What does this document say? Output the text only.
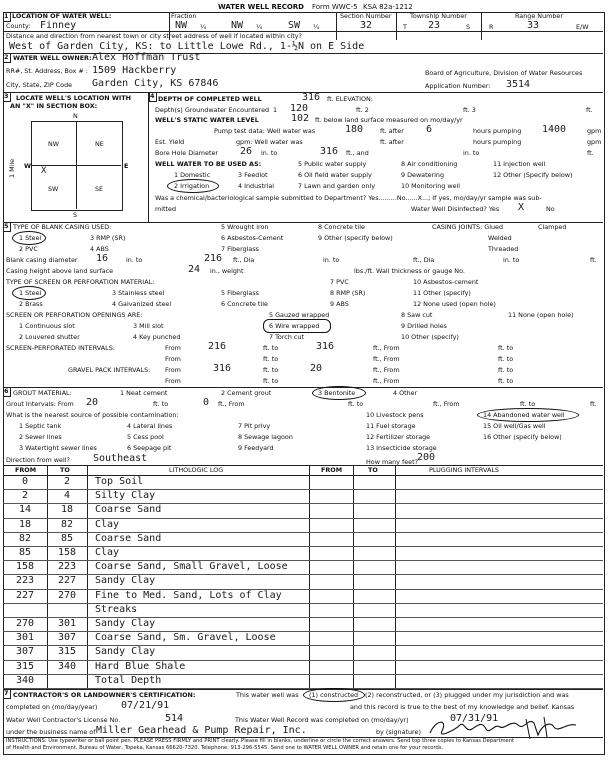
WATER WELL RECORD Form WWC-5 KSA 82a-1212
1 LOCATION OF WATER WELL:
County: Finney
Fraction
NW ¼ NW ¼	SW ¼
Section Number
32
Township Number
T 23	S
Range Number
R	33	E/W
Distance and direction from nearest town or city street address of well if located within city?
West of Garden City, KS: to Little Lowe Rd., 1-½N on E Side
2 WATER WELL OWNER: Alex Hoffman Trust
RR#, St. Address, Box # : 1509 Hackberry
City, State, ZIP Code Garden City, KS 67846
Board of Agriculture, Division of Water Resources
Application Number: 3514
3 LOCATE WELL'S LOCATION WITH
AN "X" IN SECTION BOX:
N
S
W	E
NW	NE
SW	SE
1 Mile	X
4 DEPTH OF COMPLETED WELL	316 ft. ELEVATION:
Depth(s) Groundwater Encountered 1 120	ft. 2	ft. 3	ft.
WELL'S STATIC WATER LEVEL	102 ft. below land surface measured on mo/day/yr
Pump test data: Well water was	180	ft. after 6	hours pumping 1400	gpm
Est. Yield	gpm: Well water was	ft. after	hours pumping	gpm
Bore Hole Diameter 26 in. to	316 ft., and	in. to	ft.
WELL WATER TO BE USED AS:
1 Domestic
2 Irrigation
3 Feedlot
4 Industrial
5 Public water supply
6 Oil field water supply
7 Lawn and garden only
8 Air conditioning
9 Dewatering
10 Monitoring well
11 Injection well
12 Other (Specify below)
Was a chemical/bacteriological sample submitted to Department? Yes.........No......X...; If yes, mo/day/yr sample was sub-
mitted	Water Well Disinfected? Yes X	No
5 TYPE OF BLANK CASING USED:
1 Steel
2 PVC
3 RMP (SR)
4 ABS
5 Wrought iron
6 Asbestos-Cement
7 Fiberglass
8 Concrete tile
9 Other (specify below)
CASING JOINTS: Glued	Clamped
Welded
Threaded
Blank casing diameter 16	in. to	216 ft., Dia	in. to	ft., Dia	in. to	ft.
Casing height above land surface	24 in., weight	lbs./ft. Wall thickness or gauge No.
TYPE OF SCREEN OR PERFORATION MATERIAL:
1 Steel
2 Brass
3 Stainless steel
4 Galvanized steel
5 Fiberglass
6 Concrete tile
7 PVC
8 RMP (SR)
9 ABS
10 Asbestos-cement
11 Other (specify)
12 None used (open hole)
SCREEN OR PERFORATION OPENINGS ARE:
1 Continuous slot
2 Louvered shutter
3 Mill slot
4 Key punched
5 Gauzed wrapped
6 Wire wrapped
7 Torch cut
8 Saw cut
9 Drilled holes
10 Other (specify)
11 None (open hole)
SCREEN-PERFORATED INTERVALS:	From	216	ft. to	316	ft., From	ft. to
From	ft. to	ft., From	ft. to
GRAVEL PACK INTERVALS: From	316	ft. to	20	ft., From	ft. to
From	ft. to	ft., From	ft. to
6 GROUT MATERIAL:	1 Neat cement	2 Cement grout	3 Bentonite	4 Other
Grout Intervals: From 20	ft. to	0 ft., From	ft. to	ft., From	ft. to	ft.
What is the nearest source of possible contamination:
1 Septic tank
2 Sewer lines
3 Watertight sewer lines
4 Lateral lines
5 Cess pool
6 Seepage pit
7 Pit privy
8 Sewage lagoon
9 Feedyard
10 Livestock pens
11 Fuel storage
12 Fertilizer storage
13 Insecticide storage
14 Abandoned water well
15 Oil well/Gas well
16 Other (specify below)
Direction from well? Southeast	How many feet? 200
FROM	TO	LITHOLOGIC LOG	FROM	TO	PLUGGING INTERVALS
0	2 Top Soil
2	4 Silty Clay
14	18 Coarse Sand
18	82 Clay
82	85 Coarse Sand
85	158 Clay
158 223 Coarse Sand, Small Gravel, Loose
223 227 Sandy Clay
227 270 Fine to Med. Sand, Lots of Clay
Streaks
270 301 Sandy Clay
301 307 Coarse Sand, Sm. Gravel, Loose
307 315 Sandy Clay
315 340 Hard Blue Shale
340	Total Depth
7 CONTRACTOR'S OR LANDOWNER'S CERTIFICATION:	This water well was (1) constructed (2) reconstructed, or (3) plugged under my jurisdiction and was
completed on (mo/day/year) 07/21/91	and this record is true to the best of my knowledge and belief. Kansas
Water Well Contractor's License No.	514	This Water Well Record was completed on (mo/day/yr)	07/31/91
under the business name of Miller Gearhead & Pump Repair, Inc.	by (signature)
INSTRUCTIONS: Use typewriter or ball point pen. PLEASE PRESS FIRMLY and PRINT clearly. Please fill in blanks, underline or circle the correct answers. Send top three copies to Kansas Department
of Health and Environment, Bureau of Water, Topeka, Kansas 66620-7320. Telephone: 913-296-5545. Send one to WATER WELL OWNER and retain one for your records.
